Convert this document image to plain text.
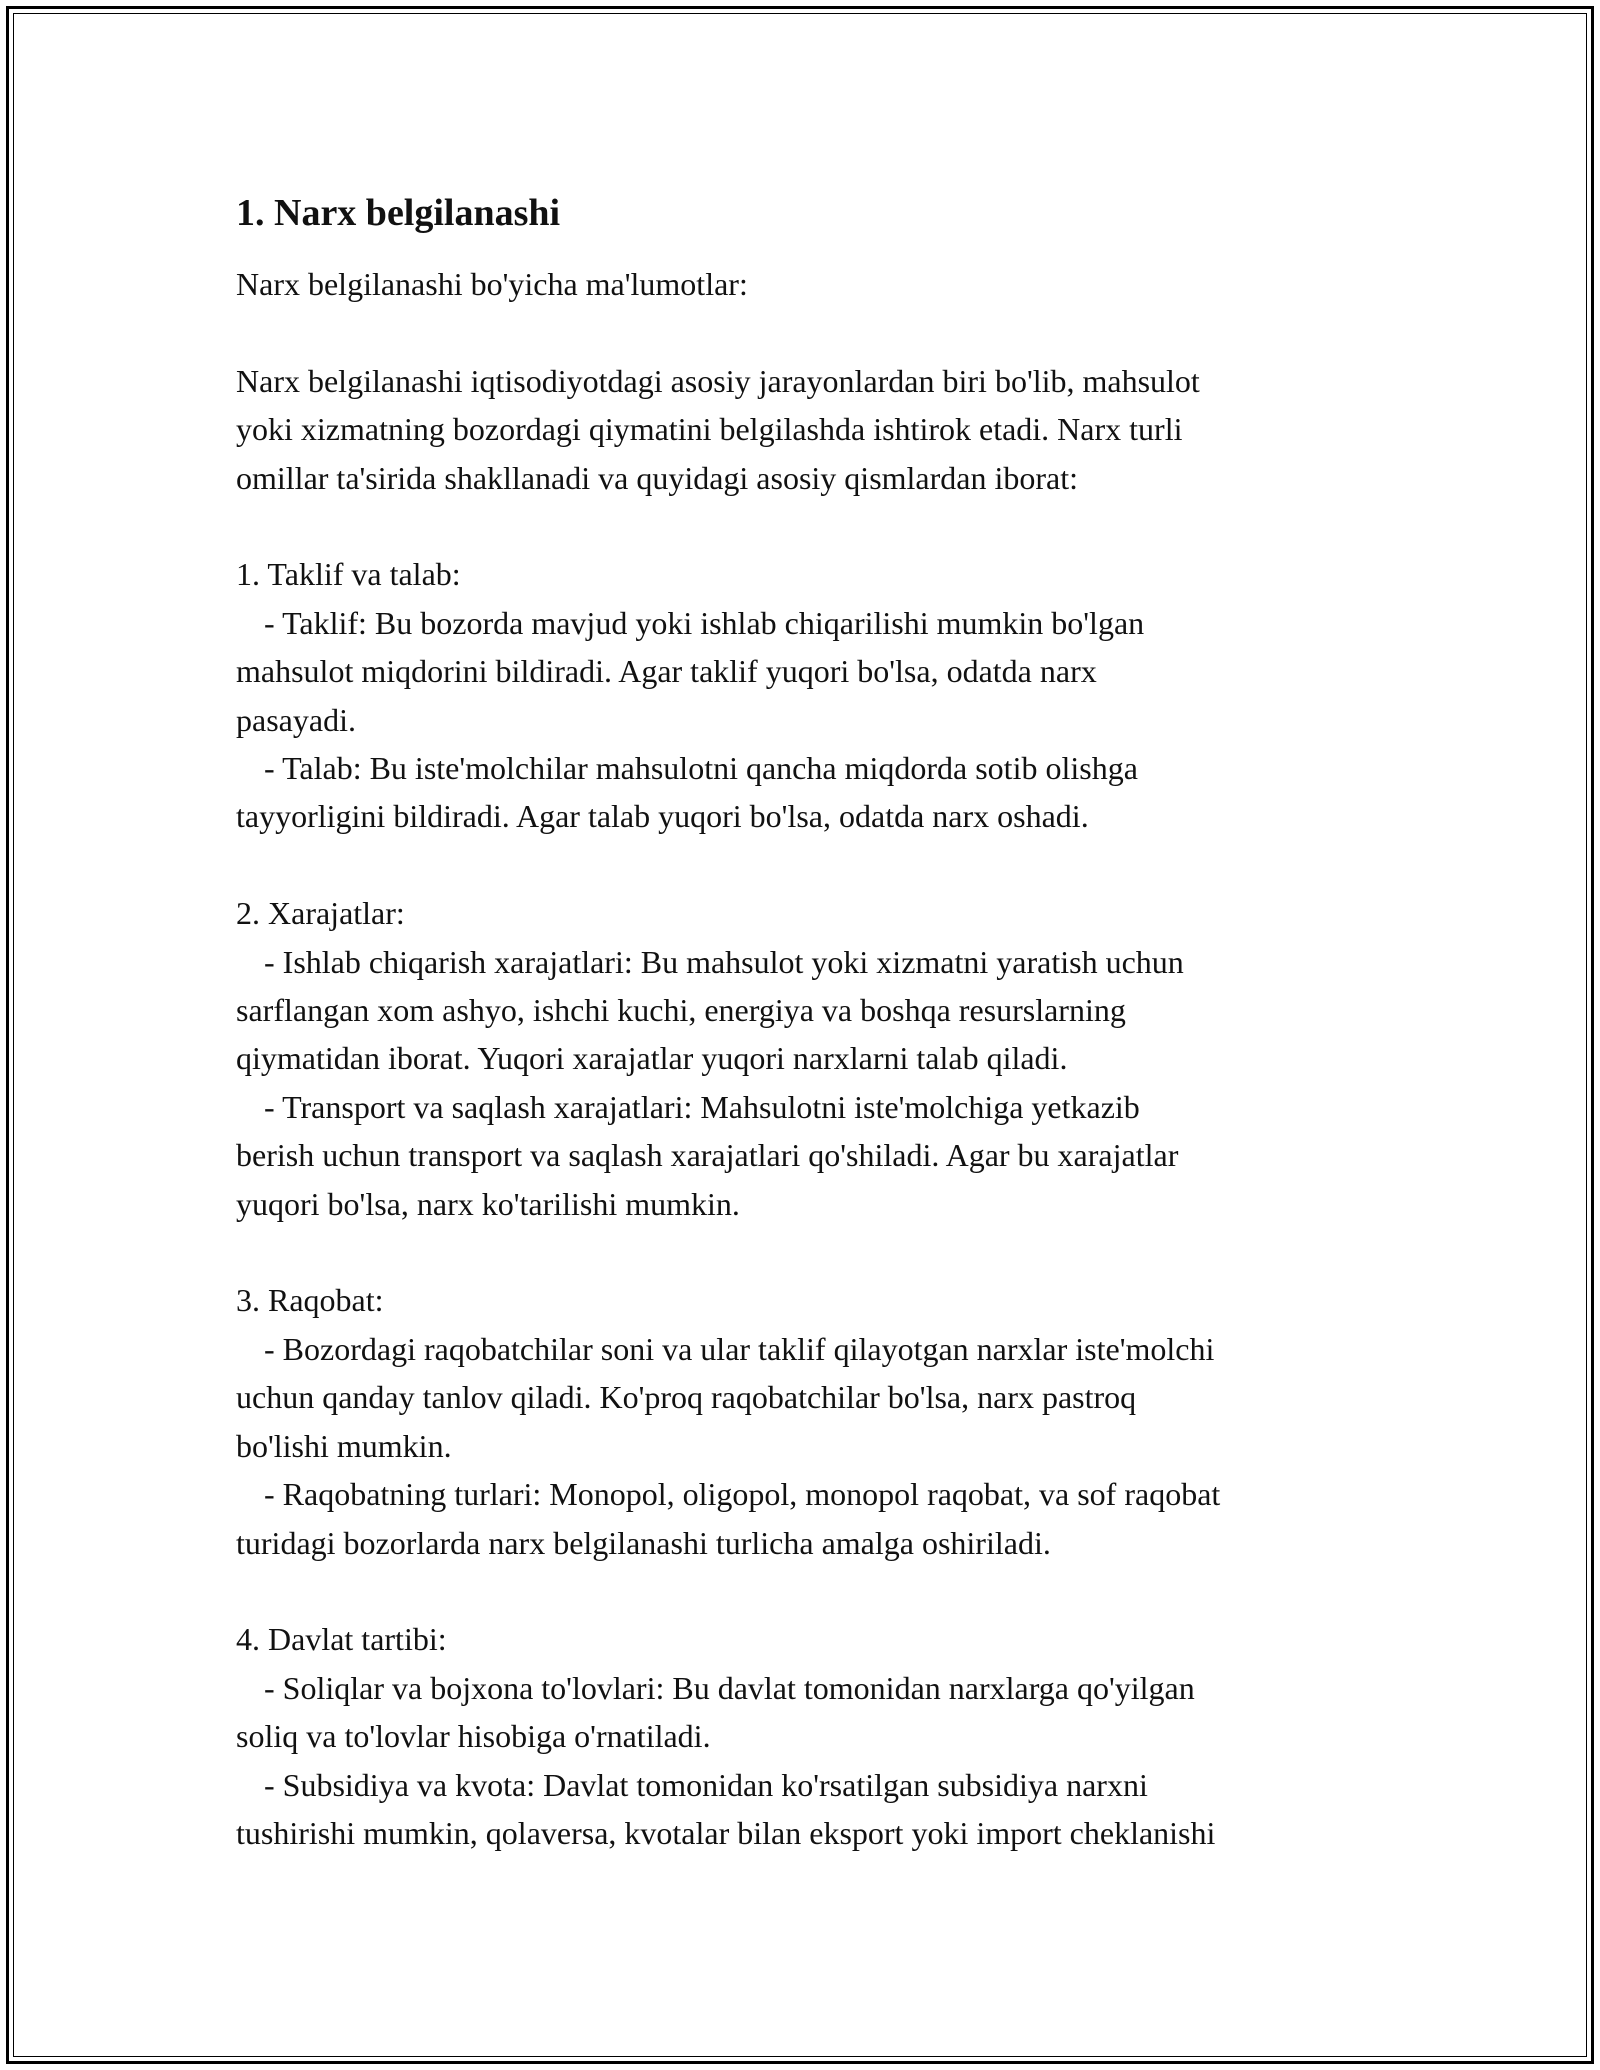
1. Narx belgilanashi

Narx belgilanashi bo'yicha ma'lumotlar:

Narx belgilanashi iqtisodiyotdagi asosiy jarayonlardan biri bo'lib, mahsulot

yoki xizmatning bozordagi qiymatini belgilashda ishtirok etadi. Narx turli

omillar ta'sirida shakllanadi va quyidagi asosiy qismlardan iborat:

1. Taklif va talab:

- Taklif: Bu bozorda mavjud yoki ishlab chiqarilishi mumkin bo'lgan

mahsulot miqdorini bildiradi. Agar taklif yuqori bo'lsa, odatda narx

pasayadi.

- Talab: Bu iste'molchilar mahsulotni qancha miqdorda sotib olishga

tayyorligini bildiradi. Agar talab yuqori bo'lsa, odatda narx oshadi.

2. Xarajatlar:

- Ishlab chiqarish xarajatlari: Bu mahsulot yoki xizmatni yaratish uchun

sarflangan xom ashyo, ishchi kuchi, energiya va boshqa resurslarning

qiymatidan iborat. Yuqori xarajatlar yuqori narxlarni talab qiladi.

- Transport va saqlash xarajatlari: Mahsulotni iste'molchiga yetkazib

berish uchun transport va saqlash xarajatlari qo'shiladi. Agar bu xarajatlar

yuqori bo'lsa, narx ko'tarilishi mumkin.

3. Raqobat:

- Bozordagi raqobatchilar soni va ular taklif qilayotgan narxlar iste'molchi

uchun qanday tanlov qiladi. Ko'proq raqobatchilar bo'lsa, narx pastroq

bo'lishi mumkin.

- Raqobatning turlari: Monopol, oligopol, monopol raqobat, va sof raqobat

turidagi bozorlarda narx belgilanashi turlicha amalga oshiriladi.

4. Davlat tartibi:

- Soliqlar va bojxona to'lovlari: Bu davlat tomonidan narxlarga qo'yilgan

soliq va to'lovlar hisobiga o'rnatiladi.

- Subsidiya va kvota: Davlat tomonidan ko'rsatilgan subsidiya narxni

tushirishi mumkin, qolaversa, kvotalar bilan eksport yoki import cheklanishi
